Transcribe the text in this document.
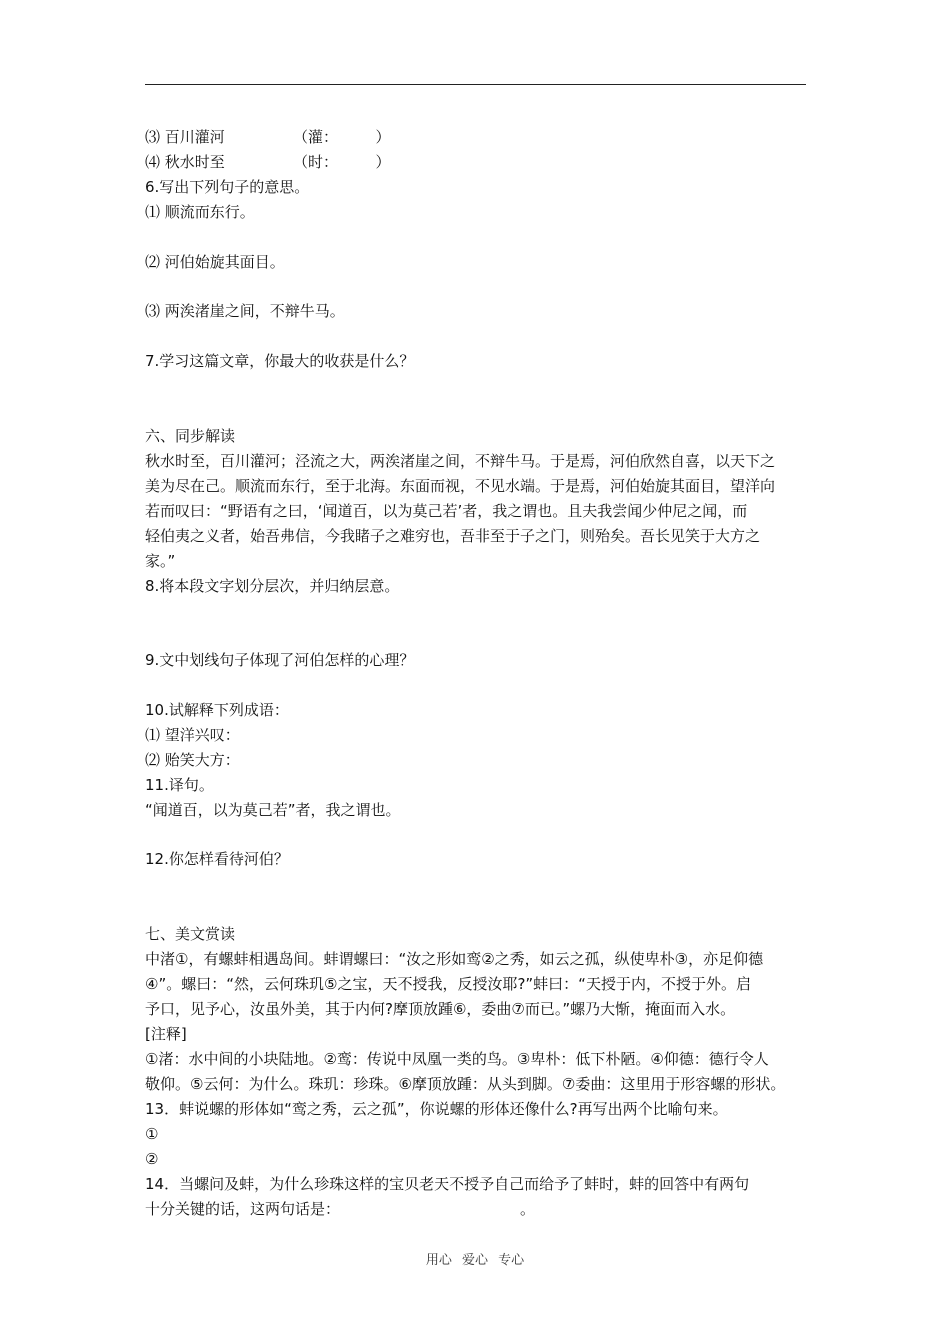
⑶ 百川灌河	（灌：　　　）
⑷ 秋水时至	（时：　　　）
6.写出下列句子的意思。
⑴ 顺流而东行。
⑵ 河伯始旋其面目。
⑶ 两涘渚崖之间，不辩牛马。
7.学习这篇文章，你最大的收获是什么？
六、同步解读
秋水时至，百川灌河；泾流之大，两涘渚崖之间，不辩牛马。于是焉，河伯欣然自喜，以天下之
美为尽在己。顺流而东行，至于北海。东面而视，不见水端。于是焉，河伯始旋其面目，望洋向
若而叹曰：“野语有之曰，‘闻道百，以为莫己若’者，我之谓也。且夫我尝闻少仲尼之闻，而
轻伯夷之义者，始吾弗信，今我睹子之难穷也，吾非至于子之门，则殆矣。吾长见笑于大方之
家。”
8.将本段文字划分层次，并归纳层意。
9.文中划线句子体现了河伯怎样的心理？
10.试解释下列成语：
⑴ 望洋兴叹：
⑵ 贻笑大方：
11.译句。
“闻道百，以为莫己若”者，我之谓也。
12.你怎样看待河伯？
七、美文赏读
中渚①，有螺蚌相遇岛间。蚌谓螺曰：“汝之形如鸾②之秀，如云之孤，纵使卑朴③，亦足仰德
④”。螺曰：“然，云何珠玑⑤之宝，天不授我，反授汝耶?”蚌曰：“天授于内，不授于外。启
予口，见予心，汝虽外美，其于内何?摩顶放踵⑥，委曲⑦而已。”螺乃大惭，掩面而入水。
[注释]
①渚：水中间的小块陆地。②鸾：传说中凤凰一类的鸟。③卑朴：低下朴陋。④仰德：德行令人
敬仰。⑤云何：为什么。珠玑：珍珠。⑥摩顶放踵：从头到脚。⑦委曲：这里用于形容螺的形状。
13．蚌说螺的形体如“鸾之秀，云之孤”，你说螺的形体还像什么?再写出两个比喻句来。
①
②
14．当螺问及蚌，为什么珍珠这样的宝贝老天不授予自己而给予了蚌时，蚌的回答中有两句
十分关键的话，这两句话是：	。
用心 爱心 专心
